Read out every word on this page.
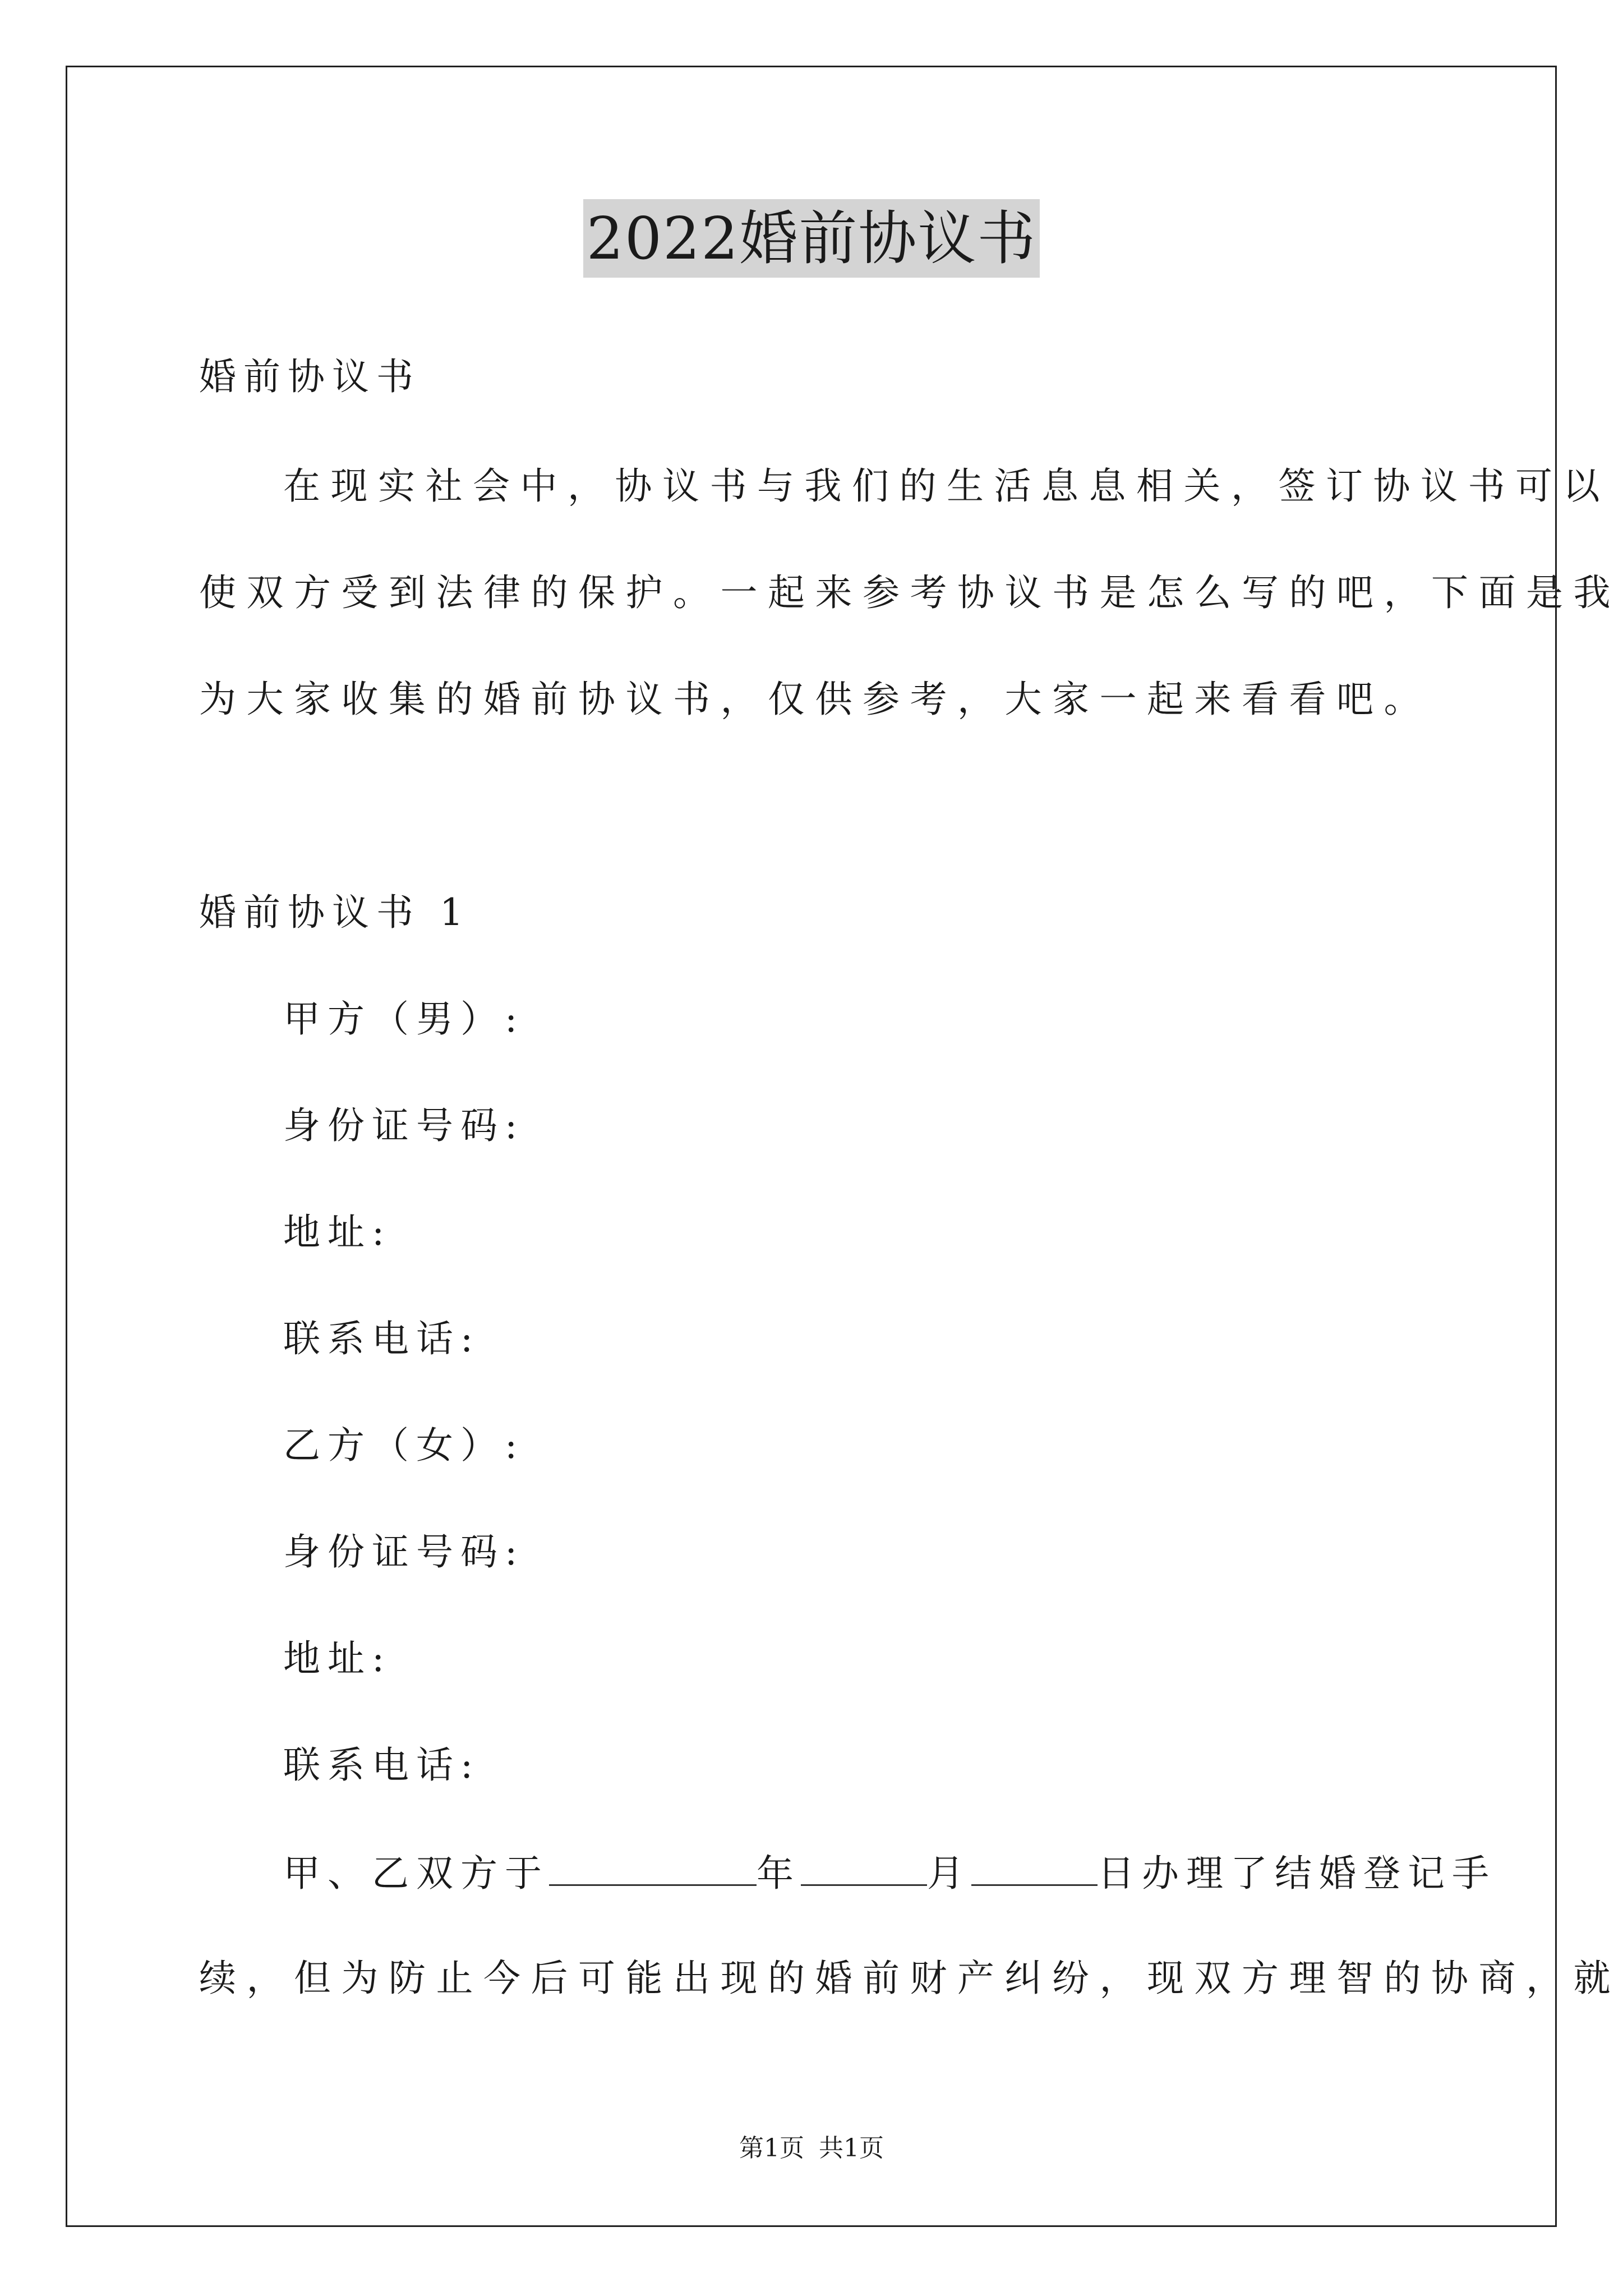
2022婚前协议书
婚前协议书
在现实社会中，协议书与我们的生活息息相关，签订协议书可以
使双方受到法律的保护。一起来参考协议书是怎么写的吧，下面是我
为大家收集的婚前协议书，仅供参考，大家一起来看看吧。
婚前协议书 1
甲方（男）:
身份证号码:
地址:
联系电话:
乙方（女）:
身份证号码:
地址:
联系电话:
甲、乙双方于	年	月	日办理了结婚登记手
续，但为防止今后可能出现的婚前财产纠纷，现双方理智的协商，就
第1页 共1页
